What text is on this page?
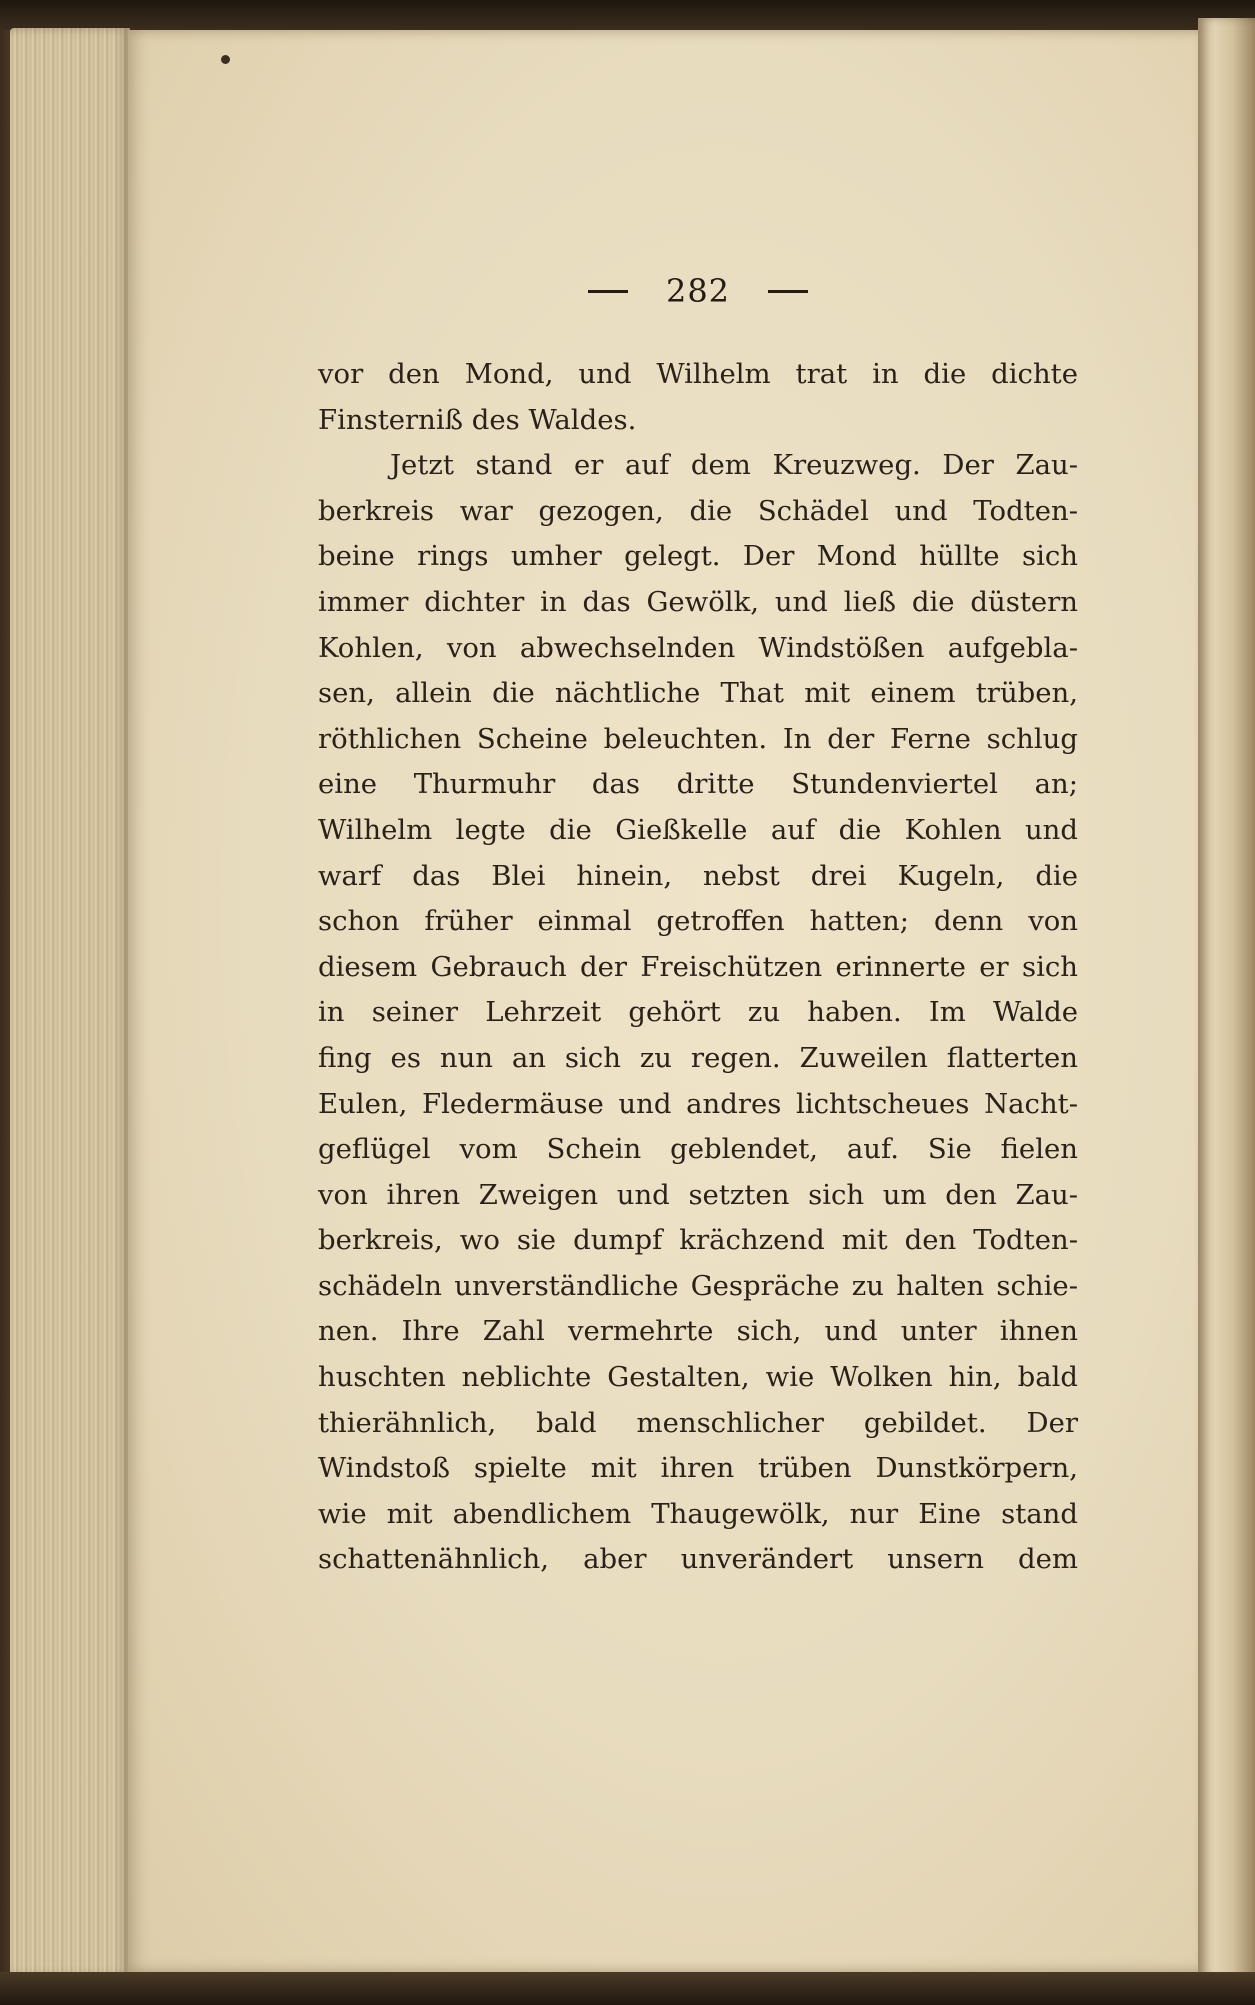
282
vor den Mond, und Wilhelm trat in die dichte
Finsterniß des Waldes.
Jetzt stand er auf dem Kreuzweg. Der Zau-
berkreis war gezogen, die Schädel und Todten-
beine rings umher gelegt. Der Mond hüllte sich
immer dichter in das Gewölk, und ließ die düstern
Kohlen, von abwechselnden Windstößen aufgebla-
sen, allein die nächtliche That mit einem trüben,
röthlichen Scheine beleuchten. In der Ferne schlug
eine Thurmuhr das dritte Stundenviertel an;
Wilhelm legte die Gießkelle auf die Kohlen und
warf das Blei hinein, nebst drei Kugeln, die
schon früher einmal getroffen hatten; denn von
diesem Gebrauch der Freischützen erinnerte er sich
in seiner Lehrzeit gehört zu haben. Im Walde
fing es nun an sich zu regen. Zuweilen flatterten
Eulen, Fledermäuse und andres lichtscheues Nacht-
geflügel vom Schein geblendet, auf. Sie fielen
von ihren Zweigen und setzten sich um den Zau-
berkreis, wo sie dumpf krächzend mit den Todten-
schädeln unverständliche Gespräche zu halten schie-
nen. Ihre Zahl vermehrte sich, und unter ihnen
huschten neblichte Gestalten, wie Wolken hin, bald
thierähnlich, bald menschlicher gebildet. Der
Windstoß spielte mit ihren trüben Dunstkörpern,
wie mit abendlichem Thaugewölk, nur Eine stand
schattenähnlich, aber unverändert unsern dem
